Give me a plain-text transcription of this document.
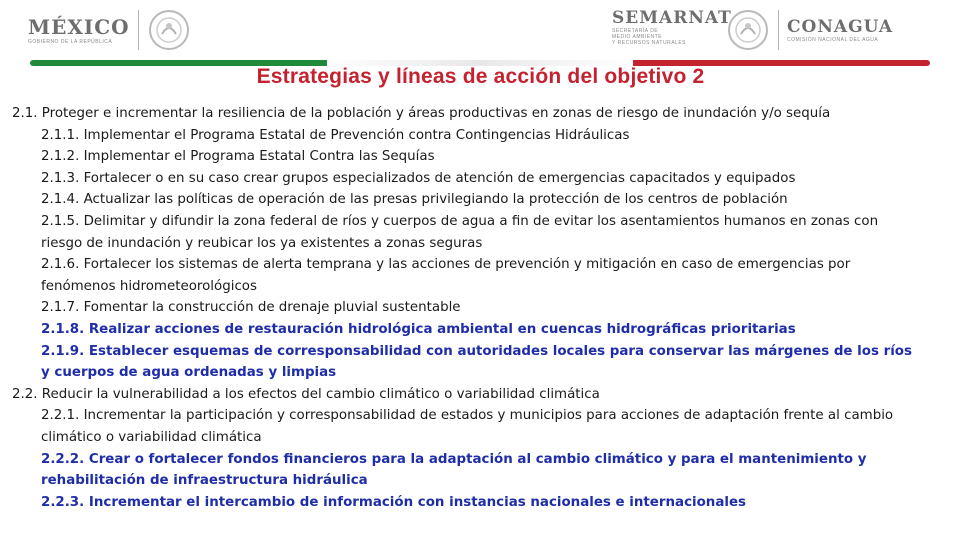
MÉXICO
GOBIERNO DE LA REPÚBLICA
SEMARNAT
SECRETARÍA DE
MEDIO AMBIENTE
Y RECURSOS NATURALES
CONAGUA
COMISIÓN NACIONAL DEL AGUA
Estrategias y líneas de acción del objetivo 2

2.1. Proteger e incrementar la resiliencia de la población y áreas productivas en zonas de riesgo de inundación y/o sequía

2.1.1. Implementar el Programa Estatal de Prevención contra Contingencias Hidráulicas

2.1.2. Implementar el Programa Estatal Contra las Sequías

2.1.3. Fortalecer o en su caso crear grupos especializados de atención de emergencias capacitados y equipados

2.1.4. Actualizar las políticas de operación de las presas privilegiando la protección de los centros de población

2.1.5. Delimitar y difundir la zona federal de ríos y cuerpos de agua a fin de evitar los asentamientos humanos en zonas con riesgo de inundación y reubicar los ya existentes a zonas seguras

2.1.6. Fortalecer los sistemas de alerta temprana y las acciones de prevención y mitigación en caso de emergencias por fenómenos hidrometeorológicos

2.1.7. Fomentar la construcción de drenaje pluvial sustentable

2.1.8. Realizar acciones de restauración hidrológica ambiental en cuencas hidrográficas prioritarias

2.1.9. Establecer esquemas de corresponsabilidad con autoridades locales para conservar las márgenes de los ríos y cuerpos de agua ordenadas y limpias

2.2. Reducir la vulnerabilidad a los efectos del cambio climático o variabilidad climática

2.2.1. Incrementar la participación y corresponsabilidad de estados y municipios para acciones de adaptación frente al cambio climático o variabilidad climática

2.2.2. Crear o fortalecer fondos financieros para la adaptación al cambio climático y para el mantenimiento y rehabilitación de infraestructura hidráulica

2.2.3. Incrementar el intercambio de información con instancias nacionales e internacionales
